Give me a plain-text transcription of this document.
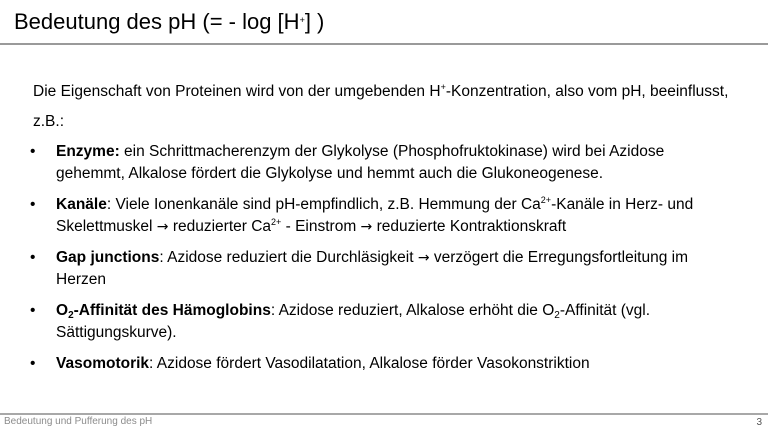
Bedeutung des pH (= - log [H+] )
Die Eigenschaft von Proteinen wird von der umgebenden H+-Konzentration, also vom pH, beeinflusst, z.B.:
• Enzyme: ein Schrittmacherenzym der Glykolyse (Phosphofruktokinase) wird bei Azidose gehemmt, Alkalose fördert die Glykolyse und hemmt auch die Glukoneogenese.
• Kanäle: Viele Ionenkanäle sind pH-empfindlich, z.B. Hemmung der $Ca^{2+}$-Kanäle in Herz- und Skelettmuskel → reduzierter $Ca^{2+}$ - Einstrom → reduzierte Kontraktionskraft
• Gap junctions: Azidose reduziert die Durchläsigkeit → verzögert die Erregungsfortleitung im Herzen
• $O_2$-Affinität des Hämoglobins: Azidose reduziert, Alkalose erhöht die $O_2$-Affinität (vgl. Sättigungskurve).
• Vasomotorik: Azidose fördert Vasodilatation, Alkalose förder Vasokonstriktion
Bedeutung und Pufferung des pH	3
